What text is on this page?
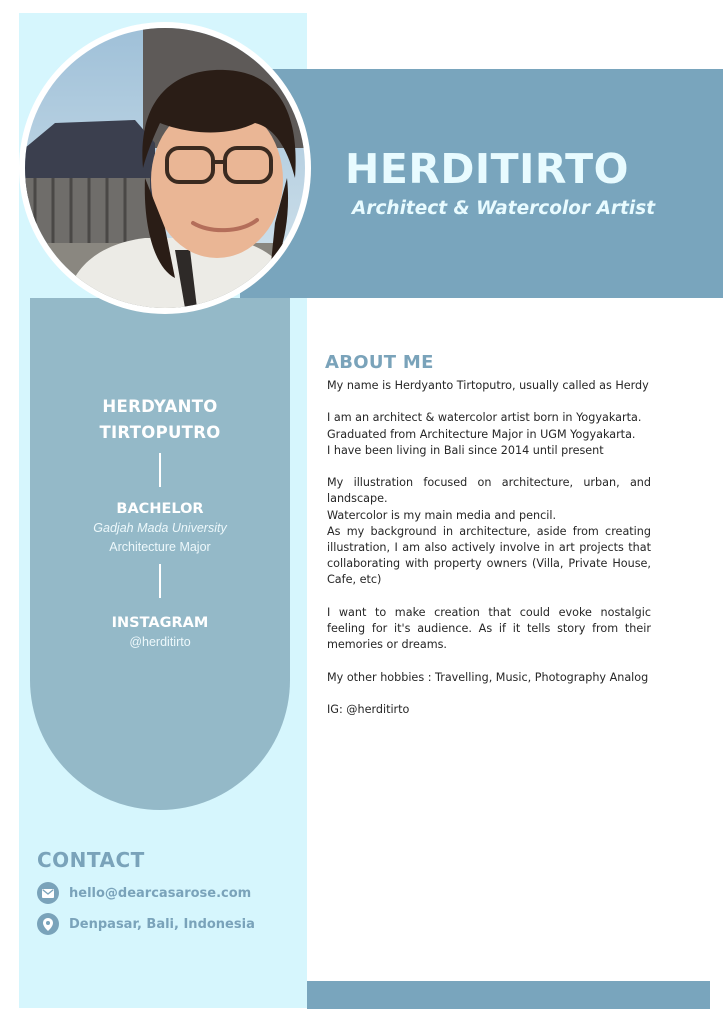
HERDYANTO
TIRTOPUTRO
BACHELOR
Gadjah Mada University
Architecture Major
INSTAGRAM
@herditirto
HERDITIRTO
Architect & Watercolor Artist
ABOUT ME

My name is Herdyanto Tirtoputro, usually called as Herdy

I am an architect & watercolor artist born in Yogyakarta.
Graduated from Architecture Major in UGM Yogyakarta.
I have been living in Bali since 2014 until present

My illustration focused on architecture, urban, and landscape.
Watercolor is my main media and pencil.
As my background in architecture, aside from creating illustration, I am also actively involve in art projects that collaborating with property owners (Villa, Private House, Cafe, etc)

I want to make creation that could evoke nostalgic feeling for it's audience. As if it tells story from their memories or dreams.

My other hobbies : Travelling, Music, Photography Analog

IG: @herditirto

CONTACT
hello@dearcasarose.com
Denpasar, Bali, Indonesia
